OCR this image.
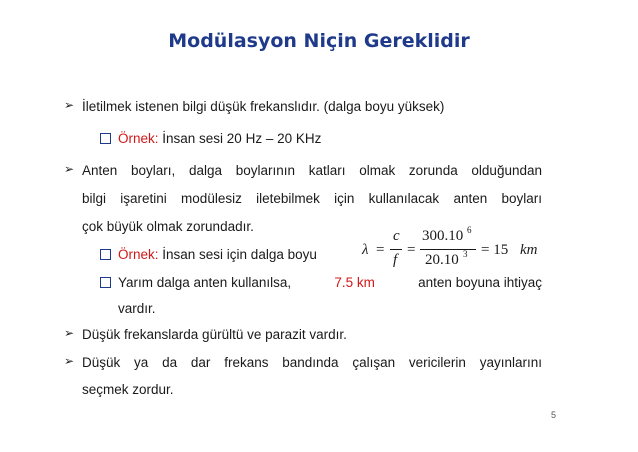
Modülasyon Niçin Gereklidir
➢ İletilmek istenen bilgi düşük frekanslıdır. (dalga boyu yüksek)
Örnek: İnsan sesi 20 Hz – 20 KHz
➢ Anten boyları, dalga boylarının katları olmak zorunda olduğundan
bilgi işaretini modülesiz iletebilmek için kullanılacak anten boyları
çok büyük olmak zorundadır.
Örnek: İnsan sesi için dalga boyu	λ =
c
f
=
300.10 6
20.10 3 = 15 km
Yarım dalga anten kullanılsa,	7.5 km	anten boyuna ihtiyaç
vardır.
➢ Düşük frekanslarda gürültü ve parazit vardır.
➢ Düşük ya da dar frekans bandında çalışan vericilerin yayınlarını
seçmek zordur.
5
